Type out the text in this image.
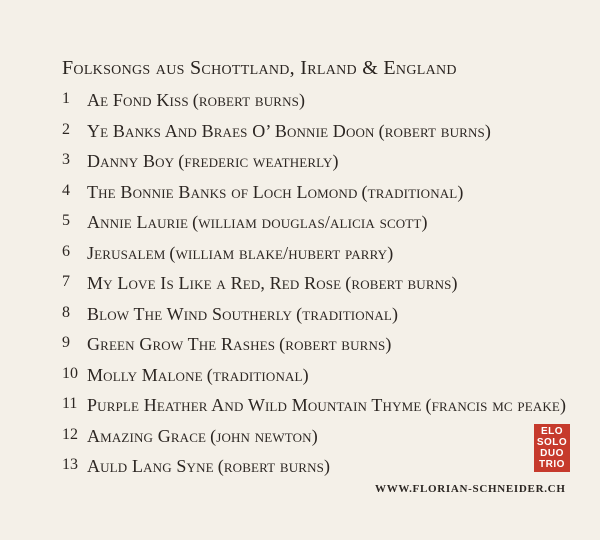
Folksongs aus Schottland, Irland & England
1 Ae Fond Kiss (robert burns)
2 Ye Banks And Braes O’ Bonnie Doon (robert burns)
3 Danny Boy (frederic weatherly)
4 The Bonnie Banks of Loch Lomond (traditional)
5 Annie Laurie (william douglas/alicia scott)
6 Jerusalem (william blake/hubert parry)
7 My Love Is Like a Red, Red Rose (robert burns)
8 Blow The Wind Southerly (traditional)
9 Green Grow The Rashes (robert burns)
10 Molly Malone (traditional)
11 Purple Heather And Wild Mountain Thyme (francis mc peake)
12 Amazing Grace (john newton)
13 Auld Lang Syne (robert burns)
ELO
SOLO
DUO
TRIO
WWW.FLORIAN-SCHNEIDER.CH
